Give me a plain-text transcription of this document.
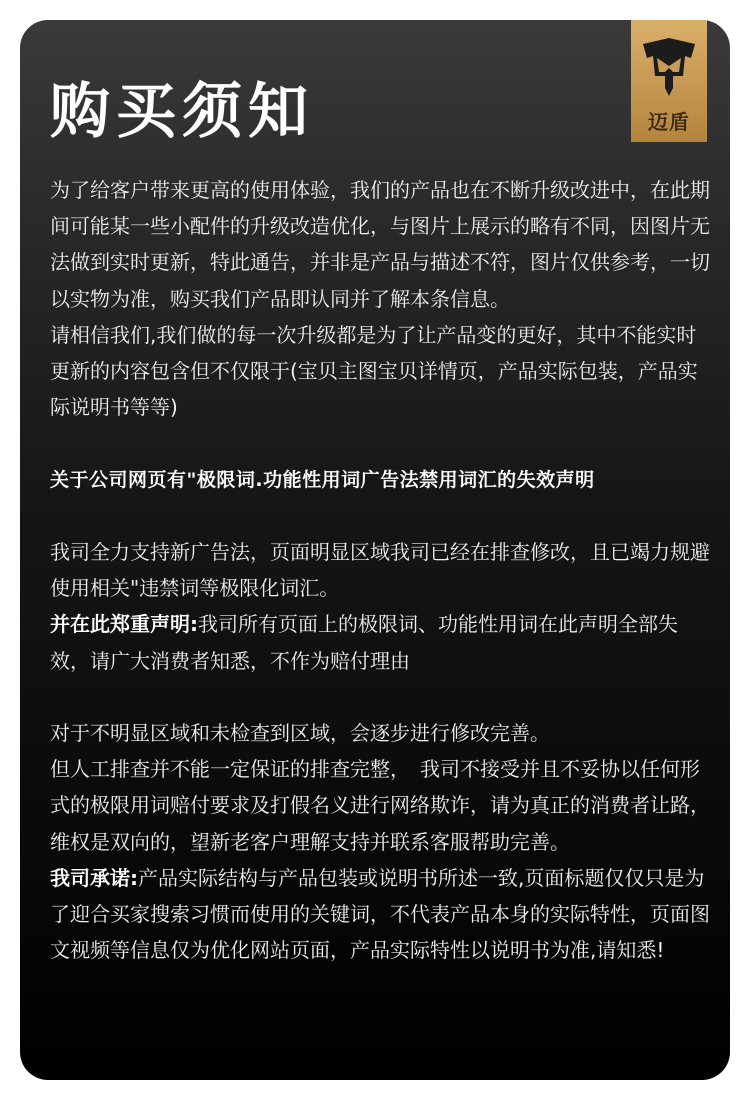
购买须知	迈盾

为了给客户带来更高的使用体验，我们的产品也在不断升级改进中，在此期间可能某一些小配件的升级改造优化，与图片上展示的略有不同，因图片无法做到实时更新，特此通告，并非是产品与描述不符，图片仅供参考，一切以实物为准，购买我们产品即认同并了解本条信息。

请相信我们,我们做的每一次升级都是为了让产品变的更好，其中不能实时更新的内容包含但不仅限于(宝贝主图宝贝详情页，产品实际包装，产品实际说明书等等)

关于公司网页有"极限词.功能性用词广告法禁用词汇的失效声明

我司全力支持新广告法，页面明显区域我司已经在排查修改，且已竭力规避使用相关"违禁词等极限化词汇。

并在此郑重声明:我司所有页面上的极限词、功能性用词在此声明全部失效，请广大消费者知悉，不作为赔付理由

对于不明显区域和未检查到区域，会逐步进行修改完善。

但人工排查并不能一定保证的排查完整，　我司不接受并且不妥协以任何形式的极限用词赔付要求及打假名义进行网络欺诈，请为真正的消费者让路，维权是双向的，望新老客户理解支持并联系客服帮助完善。

我司承诺:产品实际结构与产品包装或说明书所述一致,页面标题仅仅只是为了迎合买家搜索习惯而使用的关键词，不代表产品本身的实际特性，页面图文视频等信息仅为优化网站页面，产品实际特性以说明书为准,请知悉!
